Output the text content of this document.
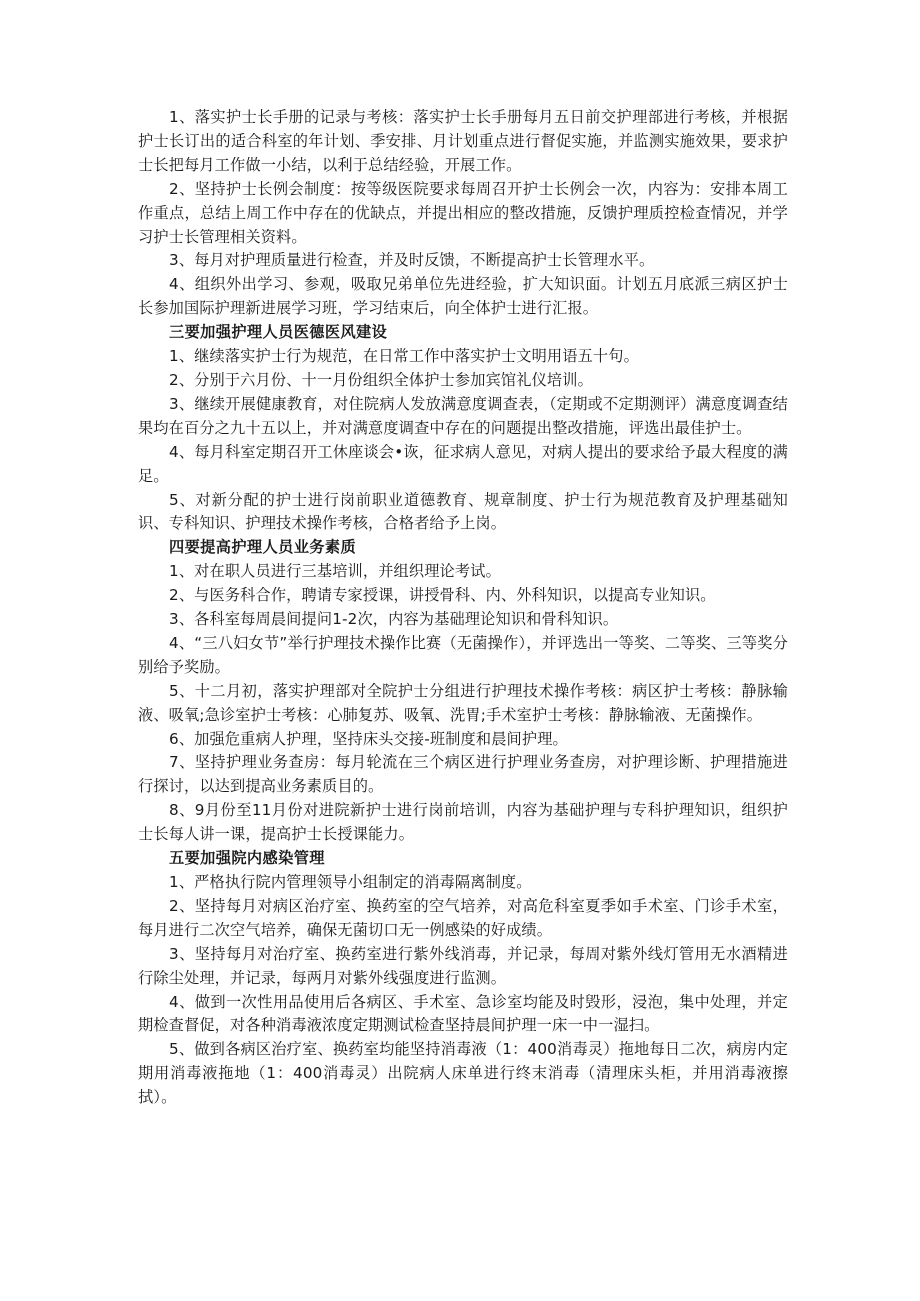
1、落实护士长手册的记录与考核：落实护士长手册每月五日前交护理部进行考核，并根据护士长订出的适合科室的年计划、季安排、月计划重点进行督促实施，并监测实施效果，要求护士长把每月工作做一小结，以利于总结经验，开展工作。

2、坚持护士长例会制度：按等级医院要求每周召开护士长例会一次，内容为：安排本周工作重点，总结上周工作中存在的优缺点，并提出相应的整改措施，反馈护理质控检查情况，并学习护士长管理相关资料。

3、每月对护理质量进行检查，并及时反馈，不断提高护士长管理水平。

4、组织外出学习、参观，吸取兄弟单位先进经验，扩大知识面。计划五月底派三病区护士长参加国际护理新进展学习班，学习结束后，向全体护士进行汇报。

三要加强护理人员医德医风建设

1、继续落实护士行为规范，在日常工作中落实护士文明用语五十句。

2、分别于六月份、十一月份组织全体护士参加宾馆礼仪培训。

3、继续开展健康教育，对住院病人发放满意度调查表，（定期或不定期测评）满意度调查结果均在百分之九十五以上，并对满意度调查中存在的问题提出整改措施，评选出最佳护士。

4、每月科室定期召开工休座谈会•诙，征求病人意见，对病人提出的要求给予最大程度的满足。

5、对新分配的护士进行岗前职业道德教育、规章制度、护士行为规范教育及护理基础知识、专科知识、护理技术操作考核，合格者给予上岗。

四要提高护理人员业务素质

1、对在职人员进行三基培训，并组织理论考试。

2、与医务科合作，聘请专家授课，讲授骨科、内、外科知识，以提高专业知识。

3、各科室每周晨间提问1-2次，内容为基础理论知识和骨科知识。

4、“三八妇女节”举行护理技术操作比赛（无菌操作），并评选出一等奖、二等奖、三等奖分别给予奖励。

5、十二月初，落实护理部对全院护士分组进行护理技术操作考核：病区护士考核：静脉输液、吸氧;急诊室护士考核：心肺复苏、吸氧、洗胃;手术室护士考核：静脉输液、无菌操作。

6、加强危重病人护理，坚持床头交接-班制度和晨间护理。

7、坚持护理业务查房：每月轮流在三个病区进行护理业务查房，对护理诊断、护理措施进行探讨，以达到提高业务素质目的。

8、9月份至11月份对进院新护士进行岗前培训，内容为基础护理与专科护理知识，组织护士长每人讲一课，提高护士长授课能力。

五要加强院内感染管理

1、严格执行院内管理领导小组制定的消毒隔离制度。

2、坚持每月对病区治疗室、换药室的空气培养，对高危科室夏季如手术室、门诊手术室，每月进行二次空气培养，确保无菌切口无一例感染的好成绩。

3、坚持每月对治疗室、换药室进行紫外线消毒，并记录，每周对紫外线灯管用无水酒精进行除尘处理，并记录，每两月对紫外线强度进行监测。

4、做到一次性用品使用后各病区、手术室、急诊室均能及时毁形，浸泡，集中处理，并定期检查督促，对各种消毒液浓度定期测试检查坚持晨间护理一床一中一湿扫。

5、做到各病区治疗室、换药室均能坚持消毒液（1：400消毒灵）拖地每日二次，病房内定期用消毒液拖地（1：400消毒灵）出院病人床单进行终末消毒（清理床头柜，并用消毒液擦拭）。
